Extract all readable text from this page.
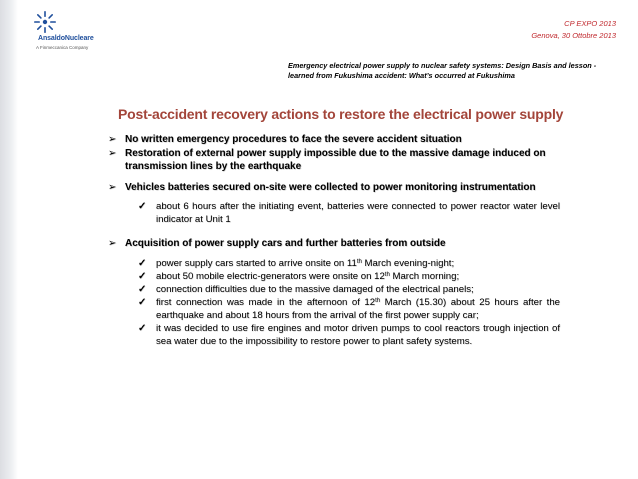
AnsaldoNucleare
A Finmeccanica Company
CP EXPO 2013
Genova, 30 Ottobre 2013
Emergency electrical power supply to nuclear safety systems: Design Basis and lesson - learned from Fukushima accident: What’s occurred at Fukushima
Post-accident recovery actions to restore the electrical power supply
➢ No written emergency procedures to face the severe accident situation
➢ Restoration of external power supply impossible due to the massive damage induced on transmission lines by the earthquake
➢ Vehicles batteries secured on-site were collected to power monitoring instrumentation
✓ about 6 hours after the initiating event, batteries were connected to power reactor water level indicator at Unit 1
➢ Acquisition of power supply cars and further batteries from outside
✓ power supply cars started to arrive onsite on 11th March evening-night;
✓ about 50 mobile electric-generators were onsite on 12th March morning;
✓ connection difficulties due to the massive damaged of the electrical panels;
✓ first connection was made in the afternoon of 12th March (15.30) about 25 hours after the earthquake and about 18 hours from the arrival of the first power supply car;
✓ it was decided to use fire engines and motor driven pumps to cool reactors trough injection of sea water due to the impossibility to restore power to plant safety systems.
